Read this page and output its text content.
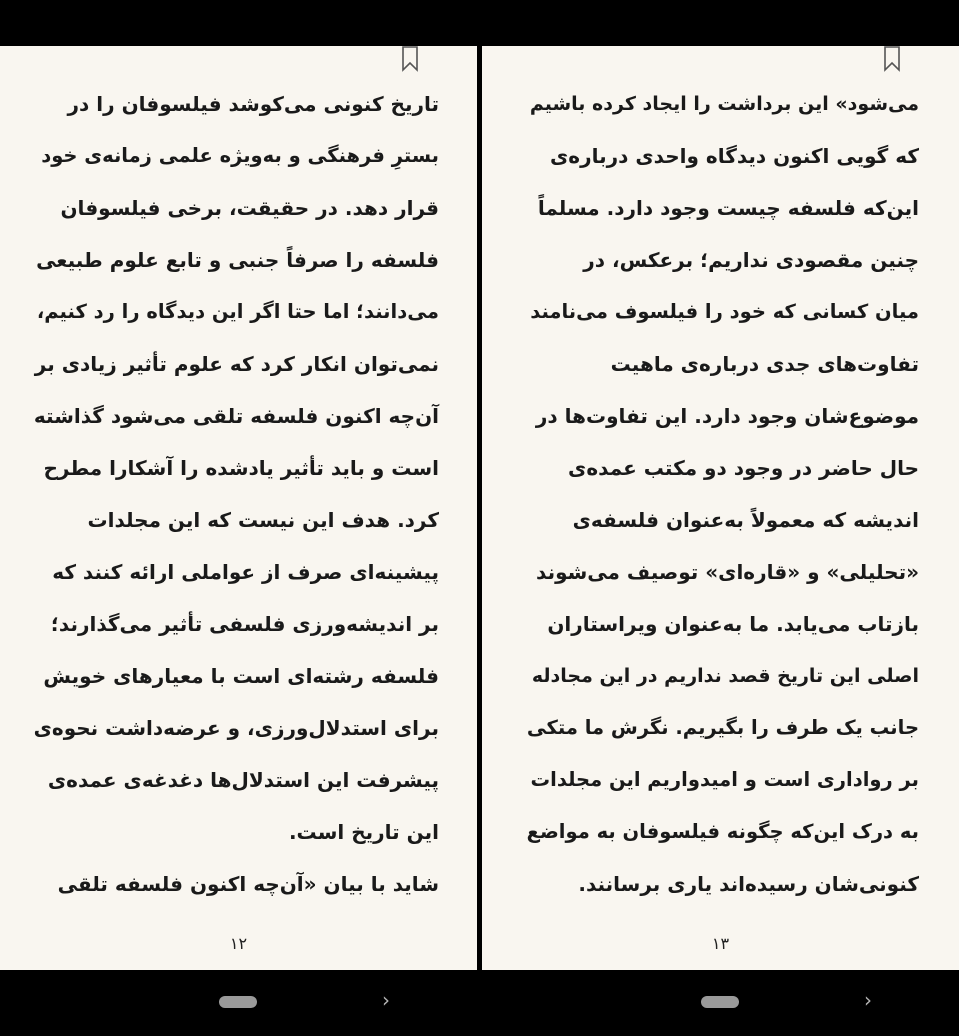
تاریخ کنونی می‌کوشد فیلسوفان را در
بسترِ فرهنگی و به‌ویژه علمی زمانه‌ی خود
قرار دهد. در حقیقت، برخی فیلسوفان
فلسفه را صرفاً جنبی و تابع علوم طبیعی
می‌دانند؛ اما حتا اگر این دیدگاه را رد کنیم،
نمی‌توان انکار کرد که علوم تأثیر زیادی بر
آن‌چه اکنون فلسفه تلقی می‌شود گذاشته
است و باید تأثیر یادشده را آشکارا مطرح
کرد. هدف این نیست که این مجلدات
پیشینه‌ای صرف از عواملی ارائه کنند که
بر اندیشه‌ورزی فلسفی تأثیر می‌گذارند؛
فلسفه رشته‌ای است با معیارهای خویش
برای استدلال‌ورزی، و عرضه‌داشت نحوه‌ی
پیشرفت این استدلال‌ها دغدغه‌ی عمده‌ی
این تاریخ است.
شاید با بیان «آن‌چه اکنون فلسفه تلقی
۱۲
›
می‌شود» این برداشت را ایجاد کرده باشیم
که گویی اکنون دیدگاه واحدی درباره‌ی
این‌که فلسفه چیست وجود دارد. مسلماً
چنین مقصودی نداریم؛ برعکس، در
میان کسانی که خود را فیلسوف می‌نامند
تفاوت‌های جدی درباره‌ی ماهیت
موضوع‌شان وجود دارد. این تفاوت‌ها در
حال حاضر در وجود دو مکتب عمده‌ی
اندیشه که معمولاً به‌عنوان فلسفه‌ی
«تحلیلی» و «قاره‌ای» توصیف می‌شوند
بازتاب می‌یابد. ما به‌عنوان ویراستاران
اصلی این تاریخ قصد نداریم در این مجادله
جانب یک طرف را بگیریم. نگرش ما متکی
بر رواداری است و امیدواریم این مجلدات
به درک این‌که چگونه فیلسوفان به مواضع
کنونی‌شان رسیده‌اند یاری برسانند.
۱۳
›
